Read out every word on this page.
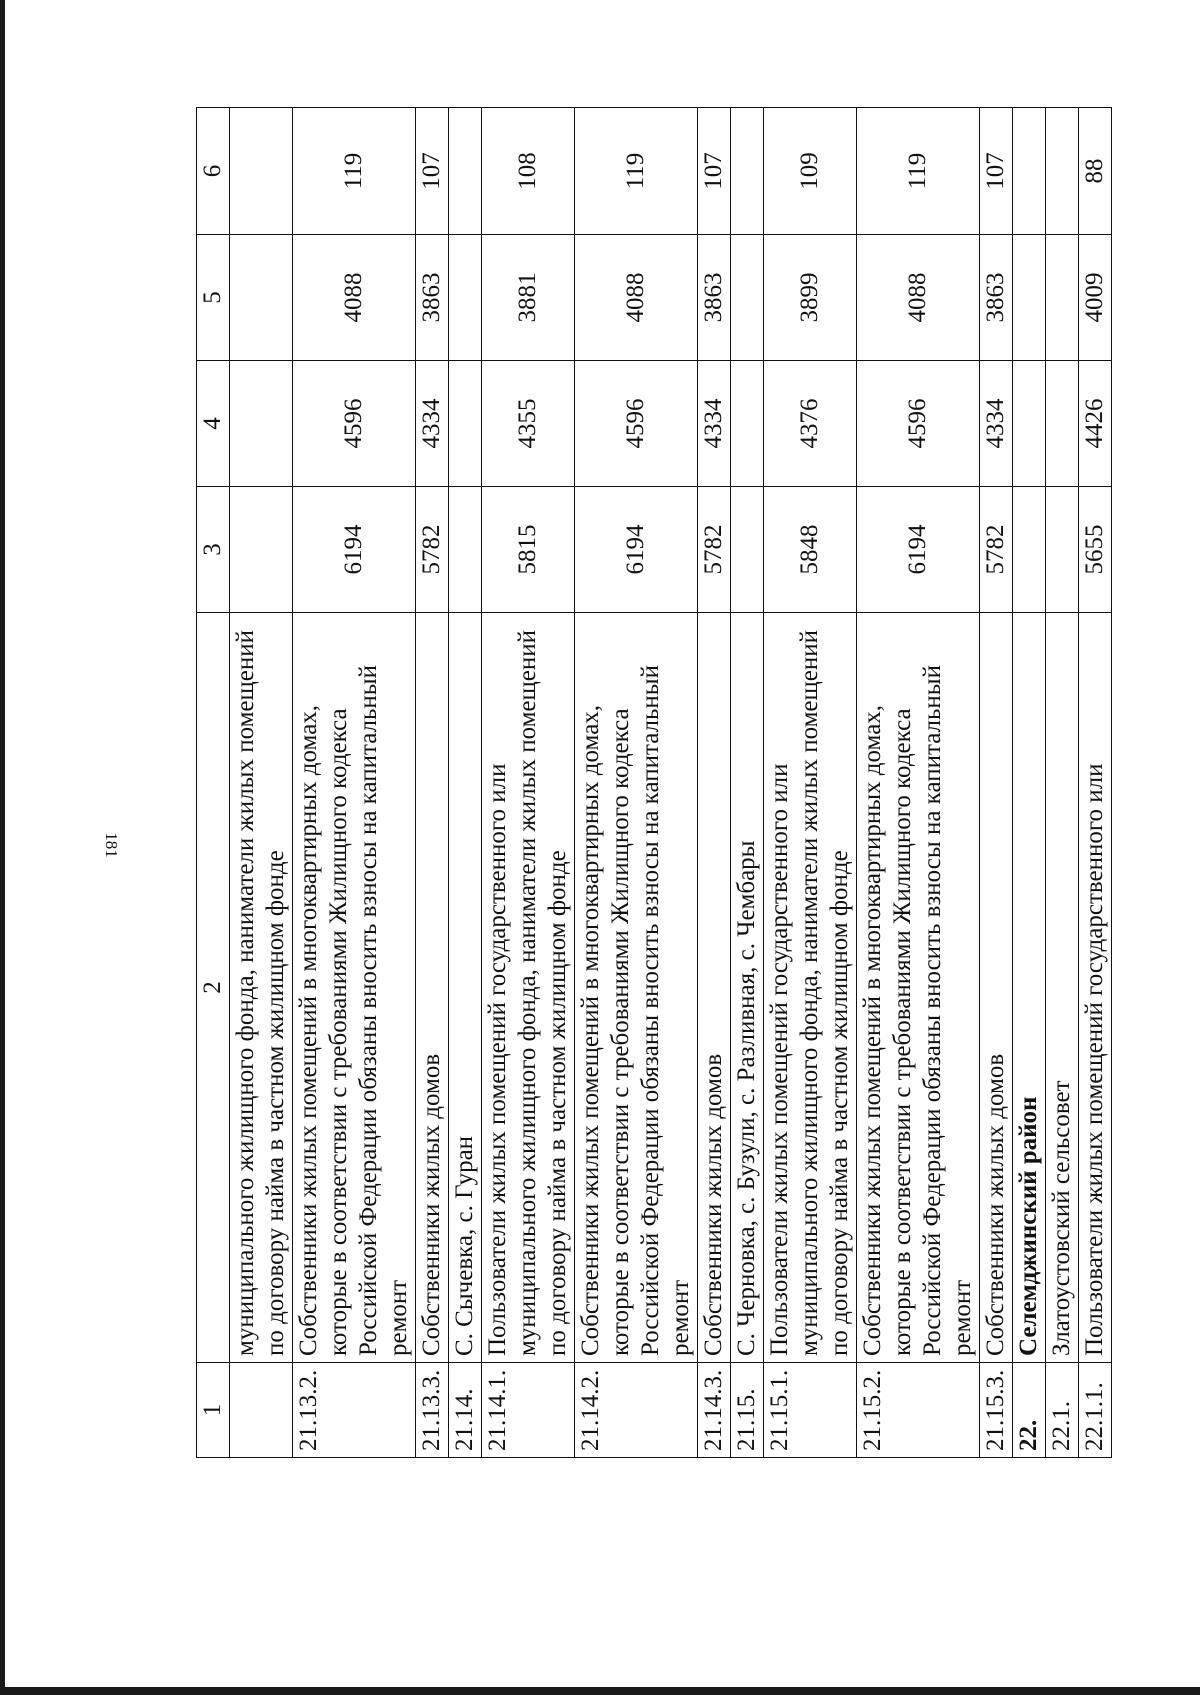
181
1	2	3	4	5	6
	муниципального жилищного фонда, наниматели жилых помещений по договору найма в частном жилищном фонде				
21.13.2.	Собственники жилых помещений в многоквартирных домах, которые в соответствии с требованиями Жилищного кодекса Российской Федерации обязаны вносить взносы на капитальный ремонт	6194	4596	4088	119
21.13.3.	Собственники жилых домов	5782	4334	3863	107
21.14.	С. Сычевка, с. Гуран				
21.14.1.	Пользователи жилых помещений государственного или муниципального жилищного фонда, наниматели жилых помещений по договору найма в частном жилищном фонде	5815	4355	3881	108
21.14.2.	Собственники жилых помещений в многоквартирных домах, которые в соответствии с требованиями Жилищного кодекса Российской Федерации обязаны вносить взносы на капитальный ремонт	6194	4596	4088	119
21.14.3.	Собственники жилых домов	5782	4334	3863	107
21.15.	С. Черновка, с. Бузули, с. Разливная, с. Чембары				
21.15.1.	Пользователи жилых помещений государственного или муниципального жилищного фонда, наниматели жилых помещений по договору найма в частном жилищном фонде	5848	4376	3899	109
21.15.2.	Собственники жилых помещений в многоквартирных домах, которые в соответствии с требованиями Жилищного кодекса Российской Федерации обязаны вносить взносы на капитальный ремонт	6194	4596	4088	119
21.15.3.	Собственники жилых домов	5782	4334	3863	107
22.	Селемджинский район				
22.1.	Златоустовский сельсовет				
22.1.1.	Пользователи жилых помещений государственного или	5655	4426	4009	88
